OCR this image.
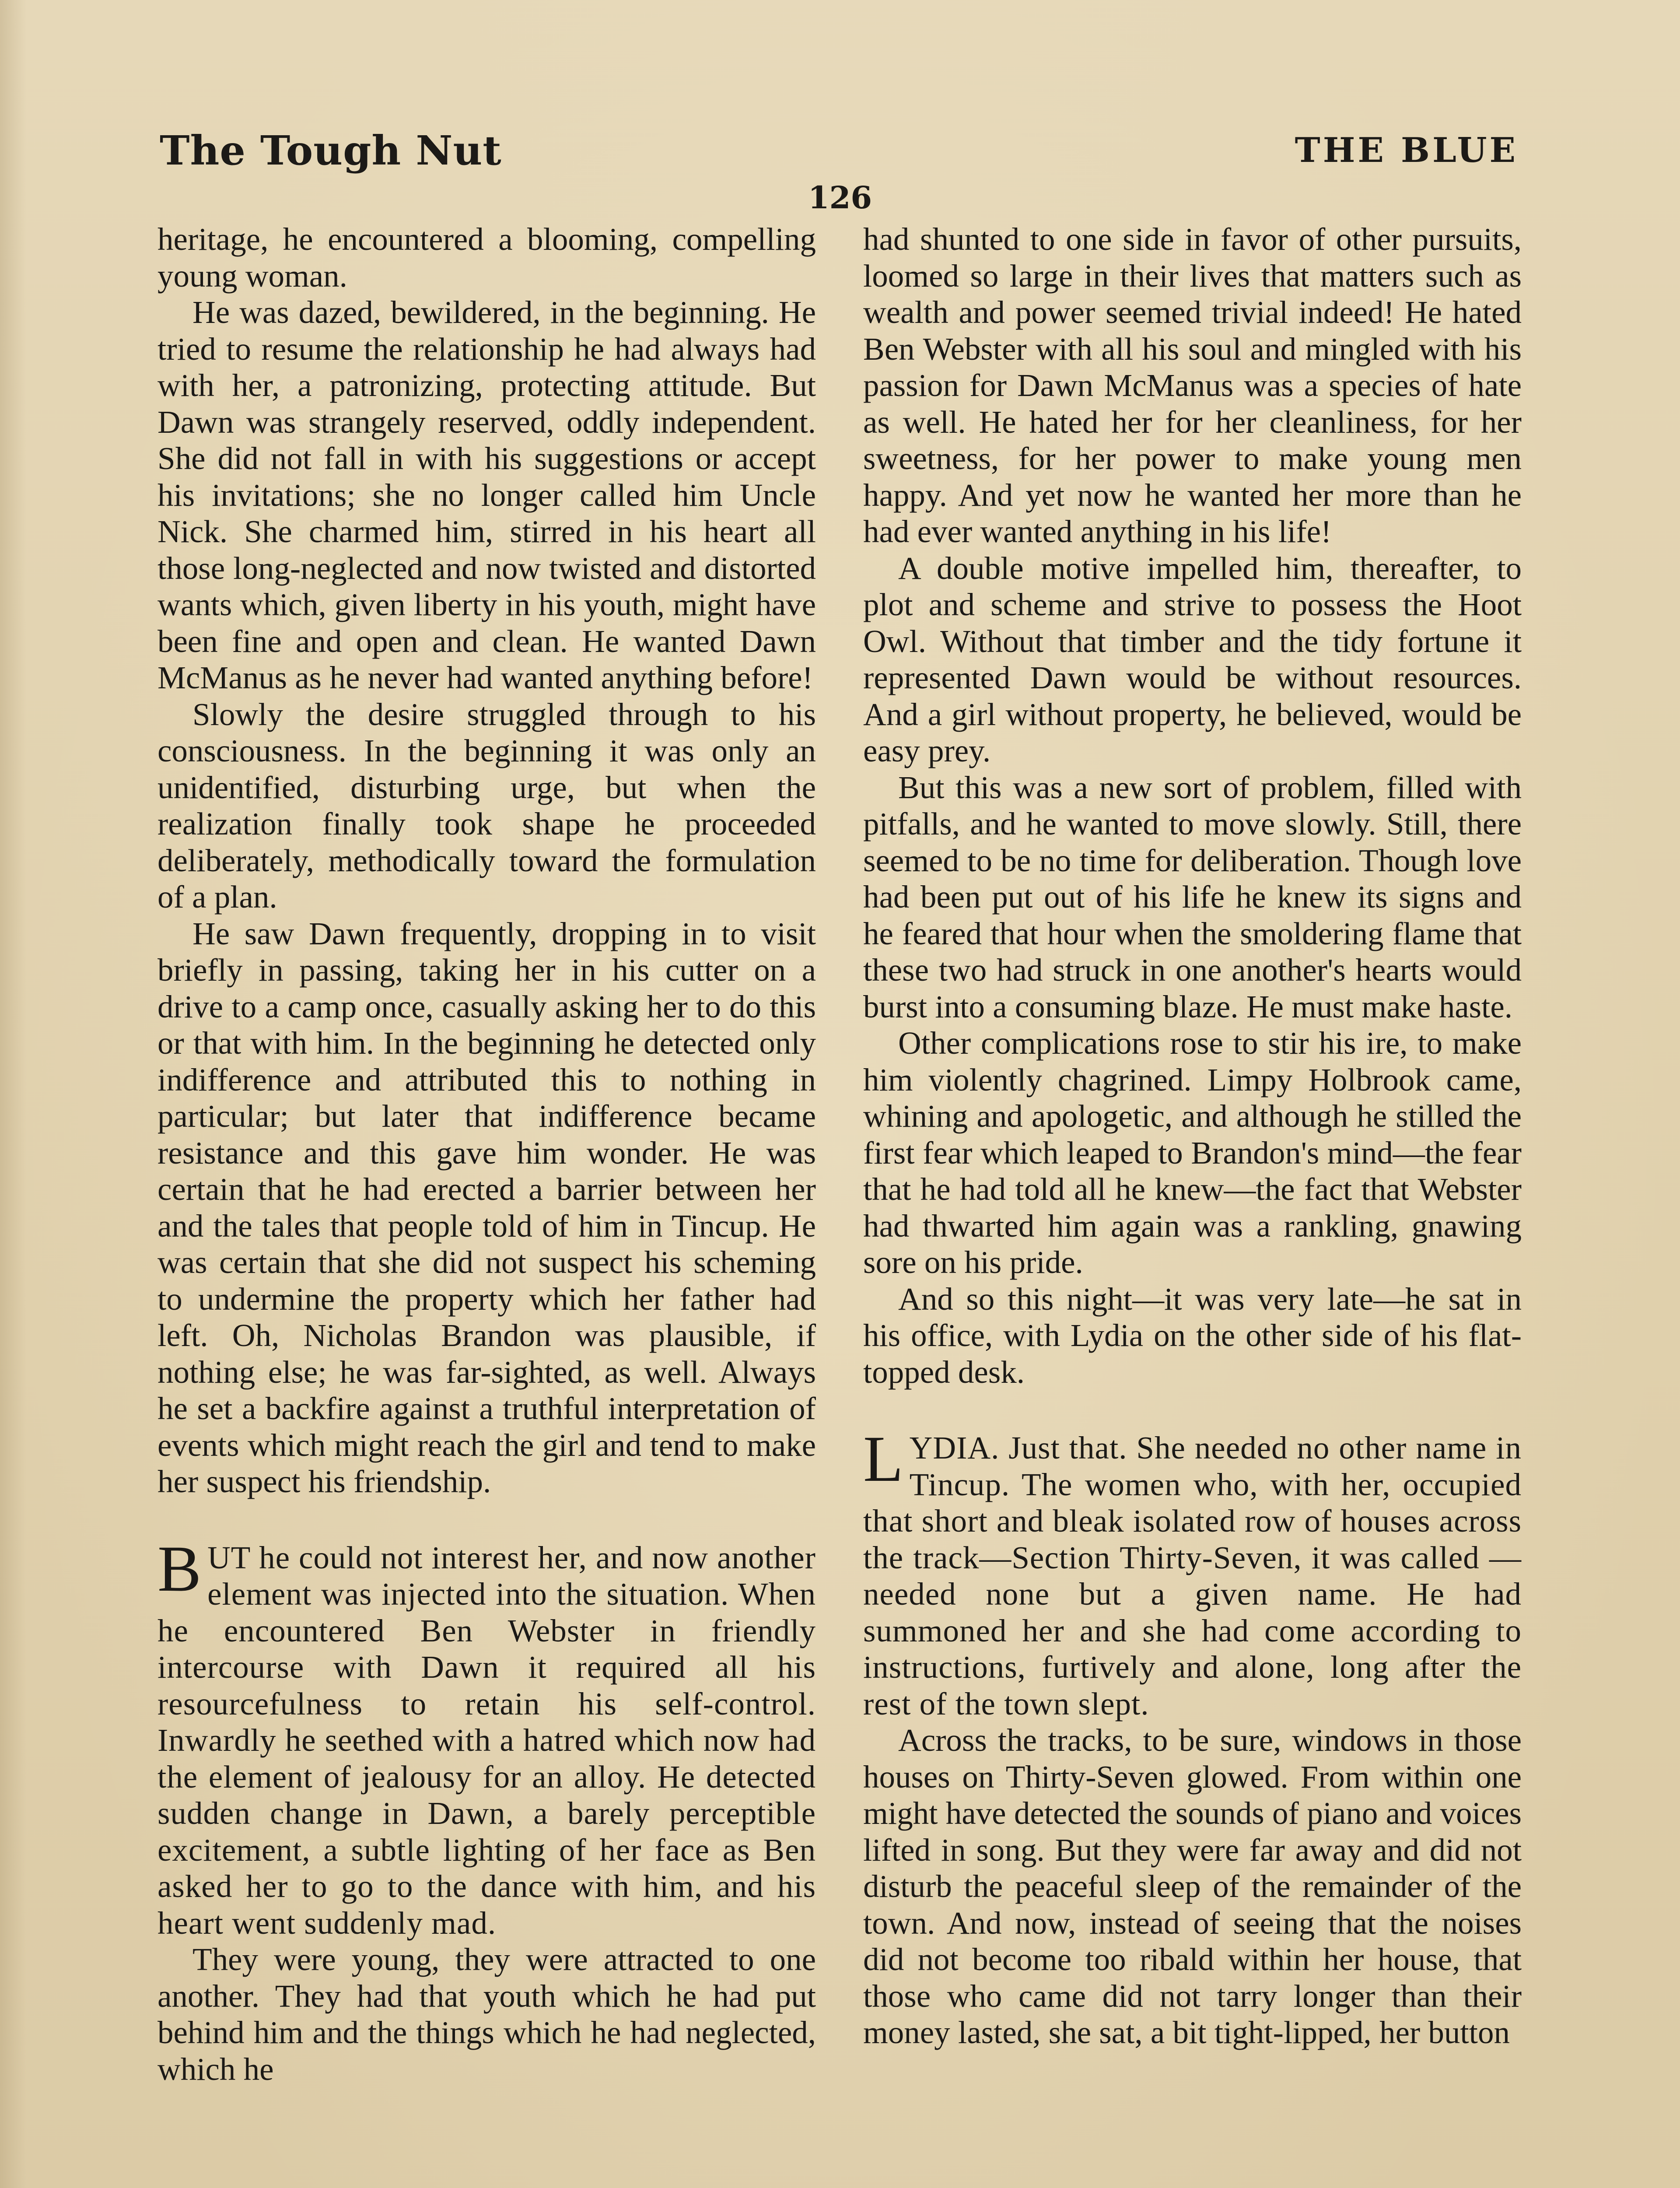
The Tough Nut	THE BLUE
126

heritage, he encountered a blooming, compelling young woman.

He was dazed, bewildered, in the beginning. He tried to resume the relationship he had always had with her, a patronizing, protecting attitude. But Dawn was strangely reserved, oddly independent. She did not fall in with his suggestions or accept his invitations; she no longer called him Uncle Nick. She charmed him, stirred in his heart all those long-neglected and now twisted and distorted wants which, given liberty in his youth, might have been fine and open and clean. He wanted Dawn McManus as he never had wanted anything before!

Slowly the desire struggled through to his consciousness. In the beginning it was only an unidentified, disturbing urge, but when the realization finally took shape he proceeded deliberately, methodically toward the formulation of a plan.

He saw Dawn frequently, dropping in to visit briefly in passing, taking her in his cutter on a drive to a camp once, casually asking her to do this or that with him. In the beginning he detected only indifference and attributed this to nothing in particular; but later that indifference became resistance and this gave him wonder. He was certain that he had erected a barrier between her and the tales that people told of him in Tincup. He was certain that she did not suspect his scheming to undermine the property which her father had left. Oh, Nicholas Brandon was plausible, if nothing else; he was far-sighted, as well. Always he set a backfire against a truthful interpretation of events which might reach the girl and tend to make her suspect his friendship.

BUT he could not interest her, and now another element was injected into the situation. When he encountered Ben Webster in friendly intercourse with Dawn it required all his resourcefulness to retain his self-control. Inwardly he seethed with a hatred which now had the element of jealousy for an alloy. He detected sudden change in Dawn, a barely perceptible excitement, a subtle lighting of her face as Ben asked her to go to the dance with him, and his heart went suddenly mad.

They were young, they were attracted to one another. They had that youth which he had put behind him and the things which he had neglected, which he

had shunted to one side in favor of other pursuits, loomed so large in their lives that matters such as wealth and power seemed trivial indeed! He hated Ben Webster with all his soul and mingled with his passion for Dawn McManus was a species of hate as well. He hated her for her cleanliness, for her sweetness, for her power to make young men happy. And yet now he wanted her more than he had ever wanted anything in his life!

A double motive impelled him, thereafter, to plot and scheme and strive to possess the Hoot Owl. Without that timber and the tidy fortune it represented Dawn would be without resources. And a girl without property, he believed, would be easy prey.

But this was a new sort of problem, filled with pitfalls, and he wanted to move slowly. Still, there seemed to be no time for deliberation. Though love had been put out of his life he knew its signs and he feared that hour when the smoldering flame that these two had struck in one another's hearts would burst into a consuming blaze. He must make haste.

Other complications rose to stir his ire, to make him violently chagrined. Limpy Holbrook came, whining and apologetic, and although he stilled the first fear which leaped to Brandon's mind—the fear that he had told all he knew—the fact that Webster had thwarted him again was a rankling, gnawing sore on his pride.

And so this night—it was very late—he sat in his office, with Lydia on the other side of his flat-topped desk.

LYDIA. Just that. She needed no other name in Tincup. The women who, with her, occupied that short and bleak isolated row of houses across the track—Section Thirty-Seven, it was called —needed none but a given name. He had summoned her and she had come according to instructions, furtively and alone, long after the rest of the town slept.

Across the tracks, to be sure, windows in those houses on Thirty-Seven glowed. From within one might have detected the sounds of piano and voices lifted in song. But they were far away and did not disturb the peaceful sleep of the remainder of the town. And now, instead of seeing that the noises did not become too ribald within her house, that those who came did not tarry longer than their money lasted, she sat, a bit tight-lipped, her button
